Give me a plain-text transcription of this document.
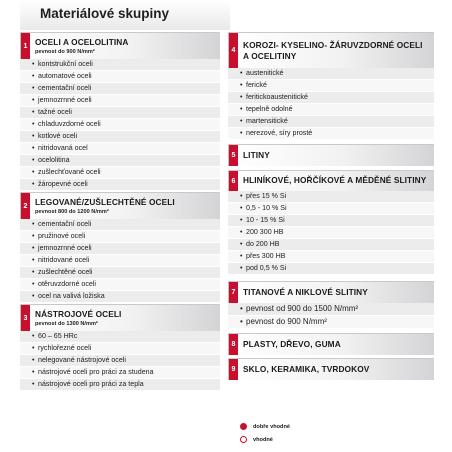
Materiálové skupiny
1 OCELI A OCELOLITINA
pevnost do 900 N/mm²
• kontstrukční oceli
• automatové oceli
• cementační oceli
• jemnozrnné oceli
• tažné oceli
• chladuvzdorné oceli
• kotlové oceli
• nitridovaná ocel
• ocelolitina
• zušlechťované oceli
• žáropevné oceli
2 LEGOVANÉ/ZUŠLECHTĚNÉ OCELI
pevnost 800 do 1200 N/mm²
• cementační oceli
• pružinové oceli
• jemnozrnné oceli
• nitridované oceli
• zušlechtěné oceli
• otěruvzdorné oceli
• ocel na valivá ložiska
3 NÁSTROJOVÉ OCELI
pevnost do 1300 N/mm²
• 60 – 65 HRc
• rychlořezné oceli
• nelegované nástrojové oceli
• nástrojové oceli pro práci za studena
• nástrojové oceli pro práci za tepla
4
KOROZI- KYSELINO- ŽÁRUVZDORNÉ OCELI A OCELITINY
• austenitické
• ferické
• feritickoaustenitické
• tepelně odolné
• martensitické
• nerezové, síry prosté
5 LITINY
6 HLINÍKOVÉ, HOŘČÍKOVÉ A MĚDĚNÉ SLITINY
• přes 15 % Si
• 0,5 - 10 % Si
• 10 - 15 % Si
• 200 300 HB
• do 200 HB
• přes 300 HB
• pod 0,5 % Si
7 TITANOVÉ A NIKLOVÉ SLITINY
• pevnost od 900 do 1500 N/mm²
• pevnost do 900 N/mm²
8 PLASTY, DŘEVO, GUMA
9 SKLO, KERAMIKA, TVRDOKOV
dobře vhodné
vhodné
